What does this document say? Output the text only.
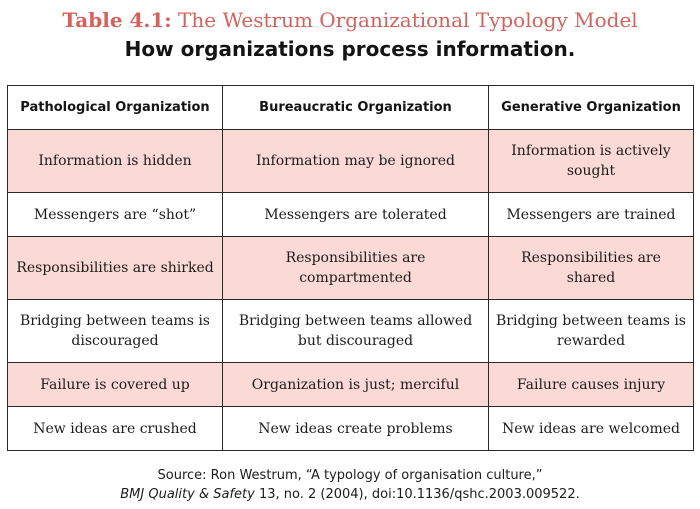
Table 4.1: The Westrum Organizational Typology Model
How organizations process information.
Pathological Organization	Bureaucratic Organization	Generative Organization
Information is hidden	Information may be ignored	Information is actively sought
Messengers are “shot”	Messengers are tolerated	Messengers are trained
Responsibilities are shirked	Responsibilities are compartmented	Responsibilities are shared
Bridging between teams is discouraged	Bridging between teams allowed but discouraged	Bridging between teams is rewarded
Failure is covered up	Organization is just; merciful	Failure causes injury
New ideas are crushed	New ideas create problems	New ideas are welcomed
Source: Ron Westrum, “A typology of organisation culture,”
BMJ Quality & Safety 13, no. 2 (2004), doi:10.1136/qshc.2003.009522.
